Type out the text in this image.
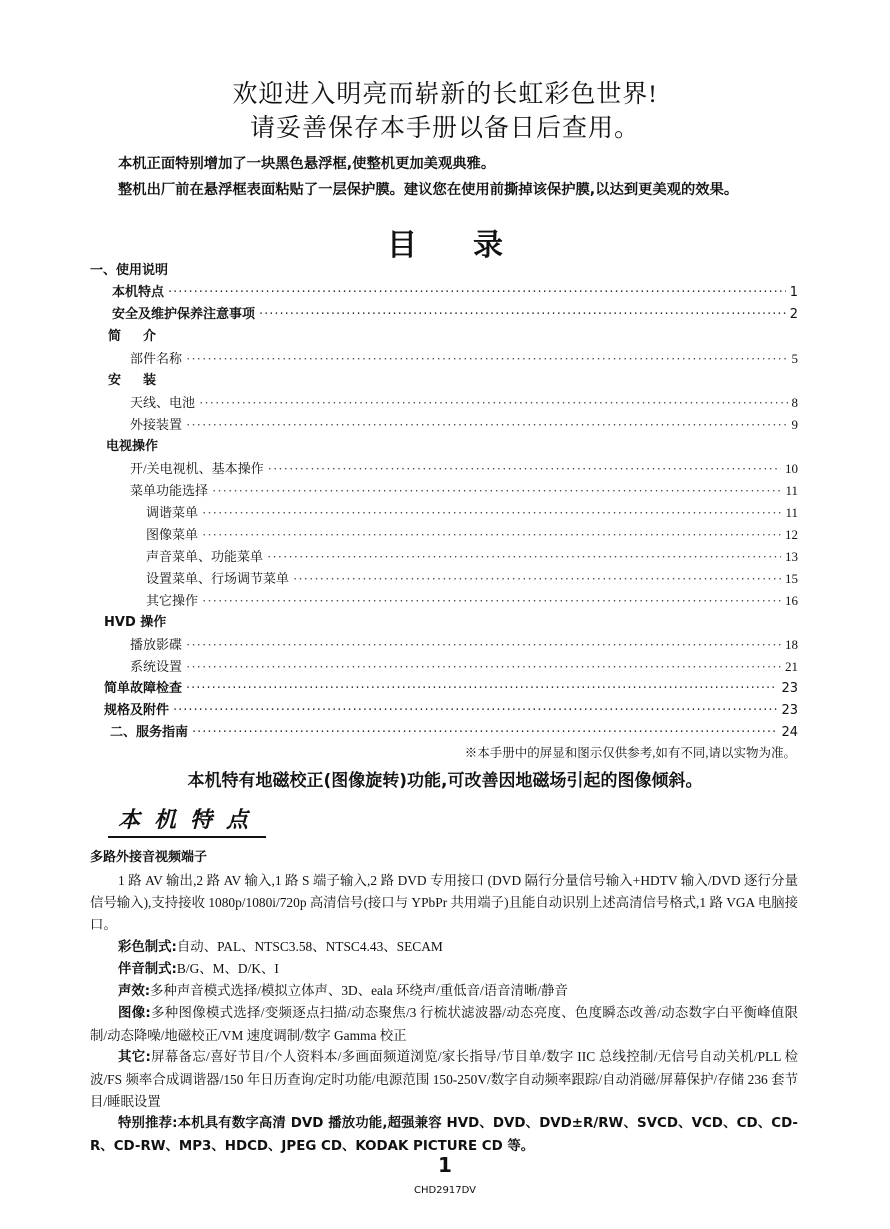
欢迎进入明亮而崭新的长虹彩色世界!
请妥善保存本手册以备日后查用。
本机正面特别增加了一块黑色悬浮框,使整机更加美观典雅。
整机出厂前在悬浮框表面粘贴了一层保护膜。建议您在使用前撕掉该保护膜,以达到更美观的效果。
目录
一、使用说明
本机特点 ·····	1
安全及维护保养注意事项 ·····	2
简介
部件名称 ·····	5
安装
天线、电池 ·····	8
外接装置 ·····	9
电视操作
开/关电视机、基本操作 ·····	10
菜单功能选择 ·····	11
调谐菜单 ·····	11
图像菜单 ·····	12
声音菜单、功能菜单 ·····	13
设置菜单、行场调节菜单 ·····	15
其它操作 ·····	16
HVD 操作
播放影碟 ·····	18
系统设置 ·····	21
简单故障检查 ·····	23
规格及附件 ·····	23
二、服务指南 ·····	24
※本手册中的屏显和图示仅供参考,如有不同,请以实物为准。
本机特有地磁校正(图像旋转)功能,可改善因地磁场引起的图像倾斜。
本机特点
多路外接音视频端子
1 路 AV 输出,2 路 AV 输入,1 路 S 端子输入,2 路 DVD 专用接口 (DVD 隔行分量信号输入+HDTV 输入/DVD 逐行分量信号输入),支持接收 1080p/1080i/720p 高清信号(接口与 YPbPr 共用端子)且能自动识别上述高清信号格式,1 路 VGA 电脑接口。
彩色制式:自动、PAL、NTSC3.58、NTSC4.43、SECAM
伴音制式:B/G、M、D/K、I
声效:多种声音模式选择/模拟立体声、3D、eala 环绕声/重低音/语音清晰/静音
图像:多种图像模式选择/变频逐点扫描/动态聚焦/3 行梳状滤波器/动态亮度、色度瞬态改善/动态数字白平衡峰值限制/动态降噪/地磁校正/VM 速度调制/数字 Gamma 校正
其它:屏幕备忘/喜好节目/个人资料本/多画面频道浏览/家长指导/节目单/数字 IIC 总线控制/无信号自动关机/PLL 检波/FS 频率合成调谐器/150 年日历查询/定时功能/电源范围 150-250V/数字自动频率跟踪/自动消磁/屏幕保护/存储 236 套节目/睡眠设置
特别推荐:本机具有数字高清 DVD 播放功能,超强兼容 HVD、DVD、DVD±R/RW、SVCD、VCD、CD、CD-R、CD-RW、MP3、HDCD、JPEG CD、KODAK PICTURE CD 等。
1
CHD2917DV
